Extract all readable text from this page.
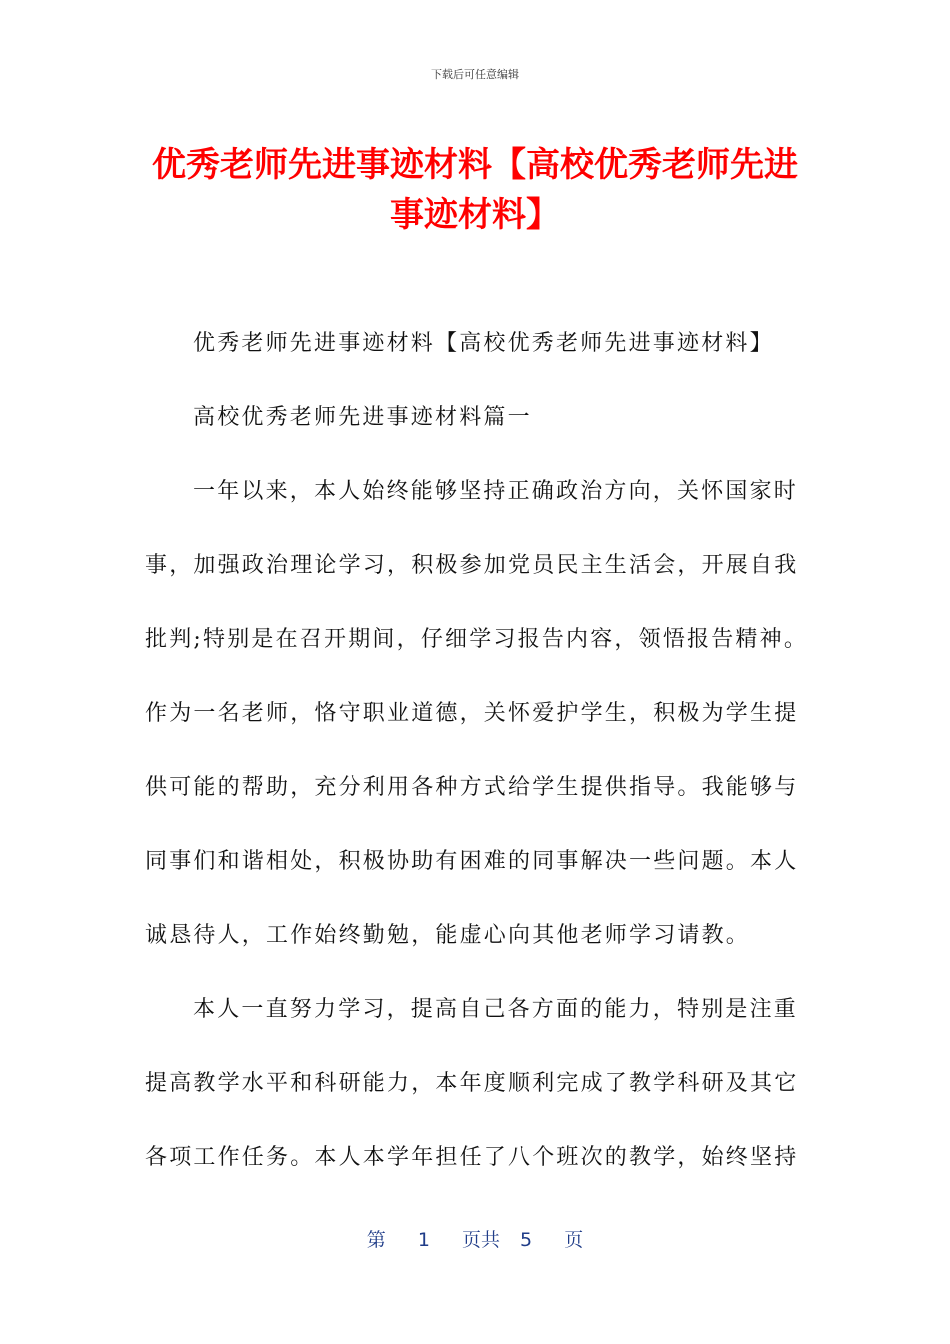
下载后可任意编辑
优秀老师先进事迹材料【高校优秀老师先进事迹材料】
优秀老师先进事迹材料【高校优秀老师先进事迹材料】
高校优秀老师先进事迹材料篇一
一年以来，本人始终能够坚持正确政治方向，关怀国家时
事，加强政治理论学习，积极参加党员民主生活会，开展自我
批判;特别是在召开期间，仔细学习报告内容，领悟报告精神。
作为一名老师，恪守职业道德，关怀爱护学生，积极为学生提
供可能的帮助，充分利用各种方式给学生提供指导。我能够与
同事们和谐相处，积极协助有困难的同事解决一些问题。本人
诚恳待人，工作始终勤勉，能虚心向其他老师学习请教。
本人一直努力学习，提高自己各方面的能力，特别是注重
提高教学水平和科研能力，本年度顺利完成了教学科研及其它
各项工作任务。本人本学年担任了八个班次的教学，始终坚持
第 1 页共 5 页
